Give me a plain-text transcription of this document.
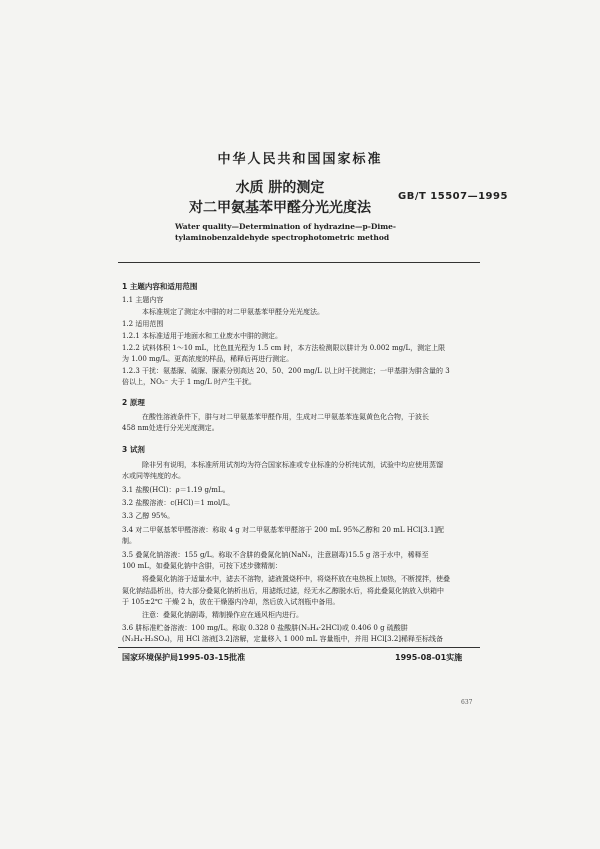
中华人民共和国国家标准
水质 肼的测定
对二甲氨基苯甲醛分光光度法
GB/T 15507—1995
Water quality—Determination of hydrazine—p-Dime-
tylaminobenzaldehyde spectrophotometric method
1 主题内容和适用范围
1.1 主题内容
本标准规定了测定水中肼的对二甲氨基苯甲醛分光光度法。
1.2 适用范围
1.2.1 本标准适用于地面水和工业废水中肼的测定。
1.2.2 试料体积 1～10 mL，比色皿光程为 1.5 cm 时，本方法检测限以肼计为 0.002 mg/L，测定上限
为 1.00 mg/L。更高浓度的样品，稀释后再进行测定。
1.2.3 干扰：氨基脲、硫脲、脲素分别高达 20、50、200 mg/L 以上时干扰测定；一甲基肼为肼含量的 3
倍以上，NO₂⁻ 大于 1 mg/L 时产生干扰。
2 原理
在酸性溶液条件下，肼与对二甲氨基苯甲醛作用，生成对二甲氨基苯连氮黄色化合物，于波长
458 nm处进行分光光度测定。
3 试剂
除非另有说明，本标准所用试剂均为符合国家标准或专业标准的分析纯试剂，试验中均应使用蒸馏
水或同等纯度的水。
3.1 盐酸(HCl)：ρ＝1.19 g/mL。
3.2 盐酸溶液：c(HCl)＝1 mol/L。
3.3 乙醇 95%。
3.4 对二甲氨基苯甲醛溶液：称取 4 g 对二甲氨基苯甲醛溶于 200 mL 95%乙醇和 20 mL HCl[3.1]配
制。
3.5 叠氮化钠溶液：155 g/L。称取不含肼的叠氮化钠(NaN₃，注意剧毒)15.5 g 溶于水中，稀释至
100 mL，如叠氮化钠中含肼，可按下述步骤精制：
将叠氮化钠溶于适量水中，滤去不溶物，滤液置烧杯中，将烧杯放在电热板上加热，不断搅拌，使叠
氮化钠结晶析出，待大部分叠氮化钠析出后，用滤纸过滤，经无水乙醇脱水后，将此叠氮化钠放入烘箱中
于 105±2℃ 干燥 2 h，放在干燥器内冷却，然后放入试剂瓶中备用。
注意：叠氮化钠剧毒，精制操作应在通风柜内进行。
3.6 肼标准贮备溶液：100 mg/L。称取 0.328 0 盐酸肼(N₂H₄·2HCl)或 0.406 0 g 硫酸肼
(N₂H₄·H₂SO₄)，用 HCl 溶液[3.2]溶解，定量移入 1 000 mL 容量瓶中，并用 HCl[3.2]稀释至标线备
国家环境保护局1995-03-15批准	1995-08-01实施
637
